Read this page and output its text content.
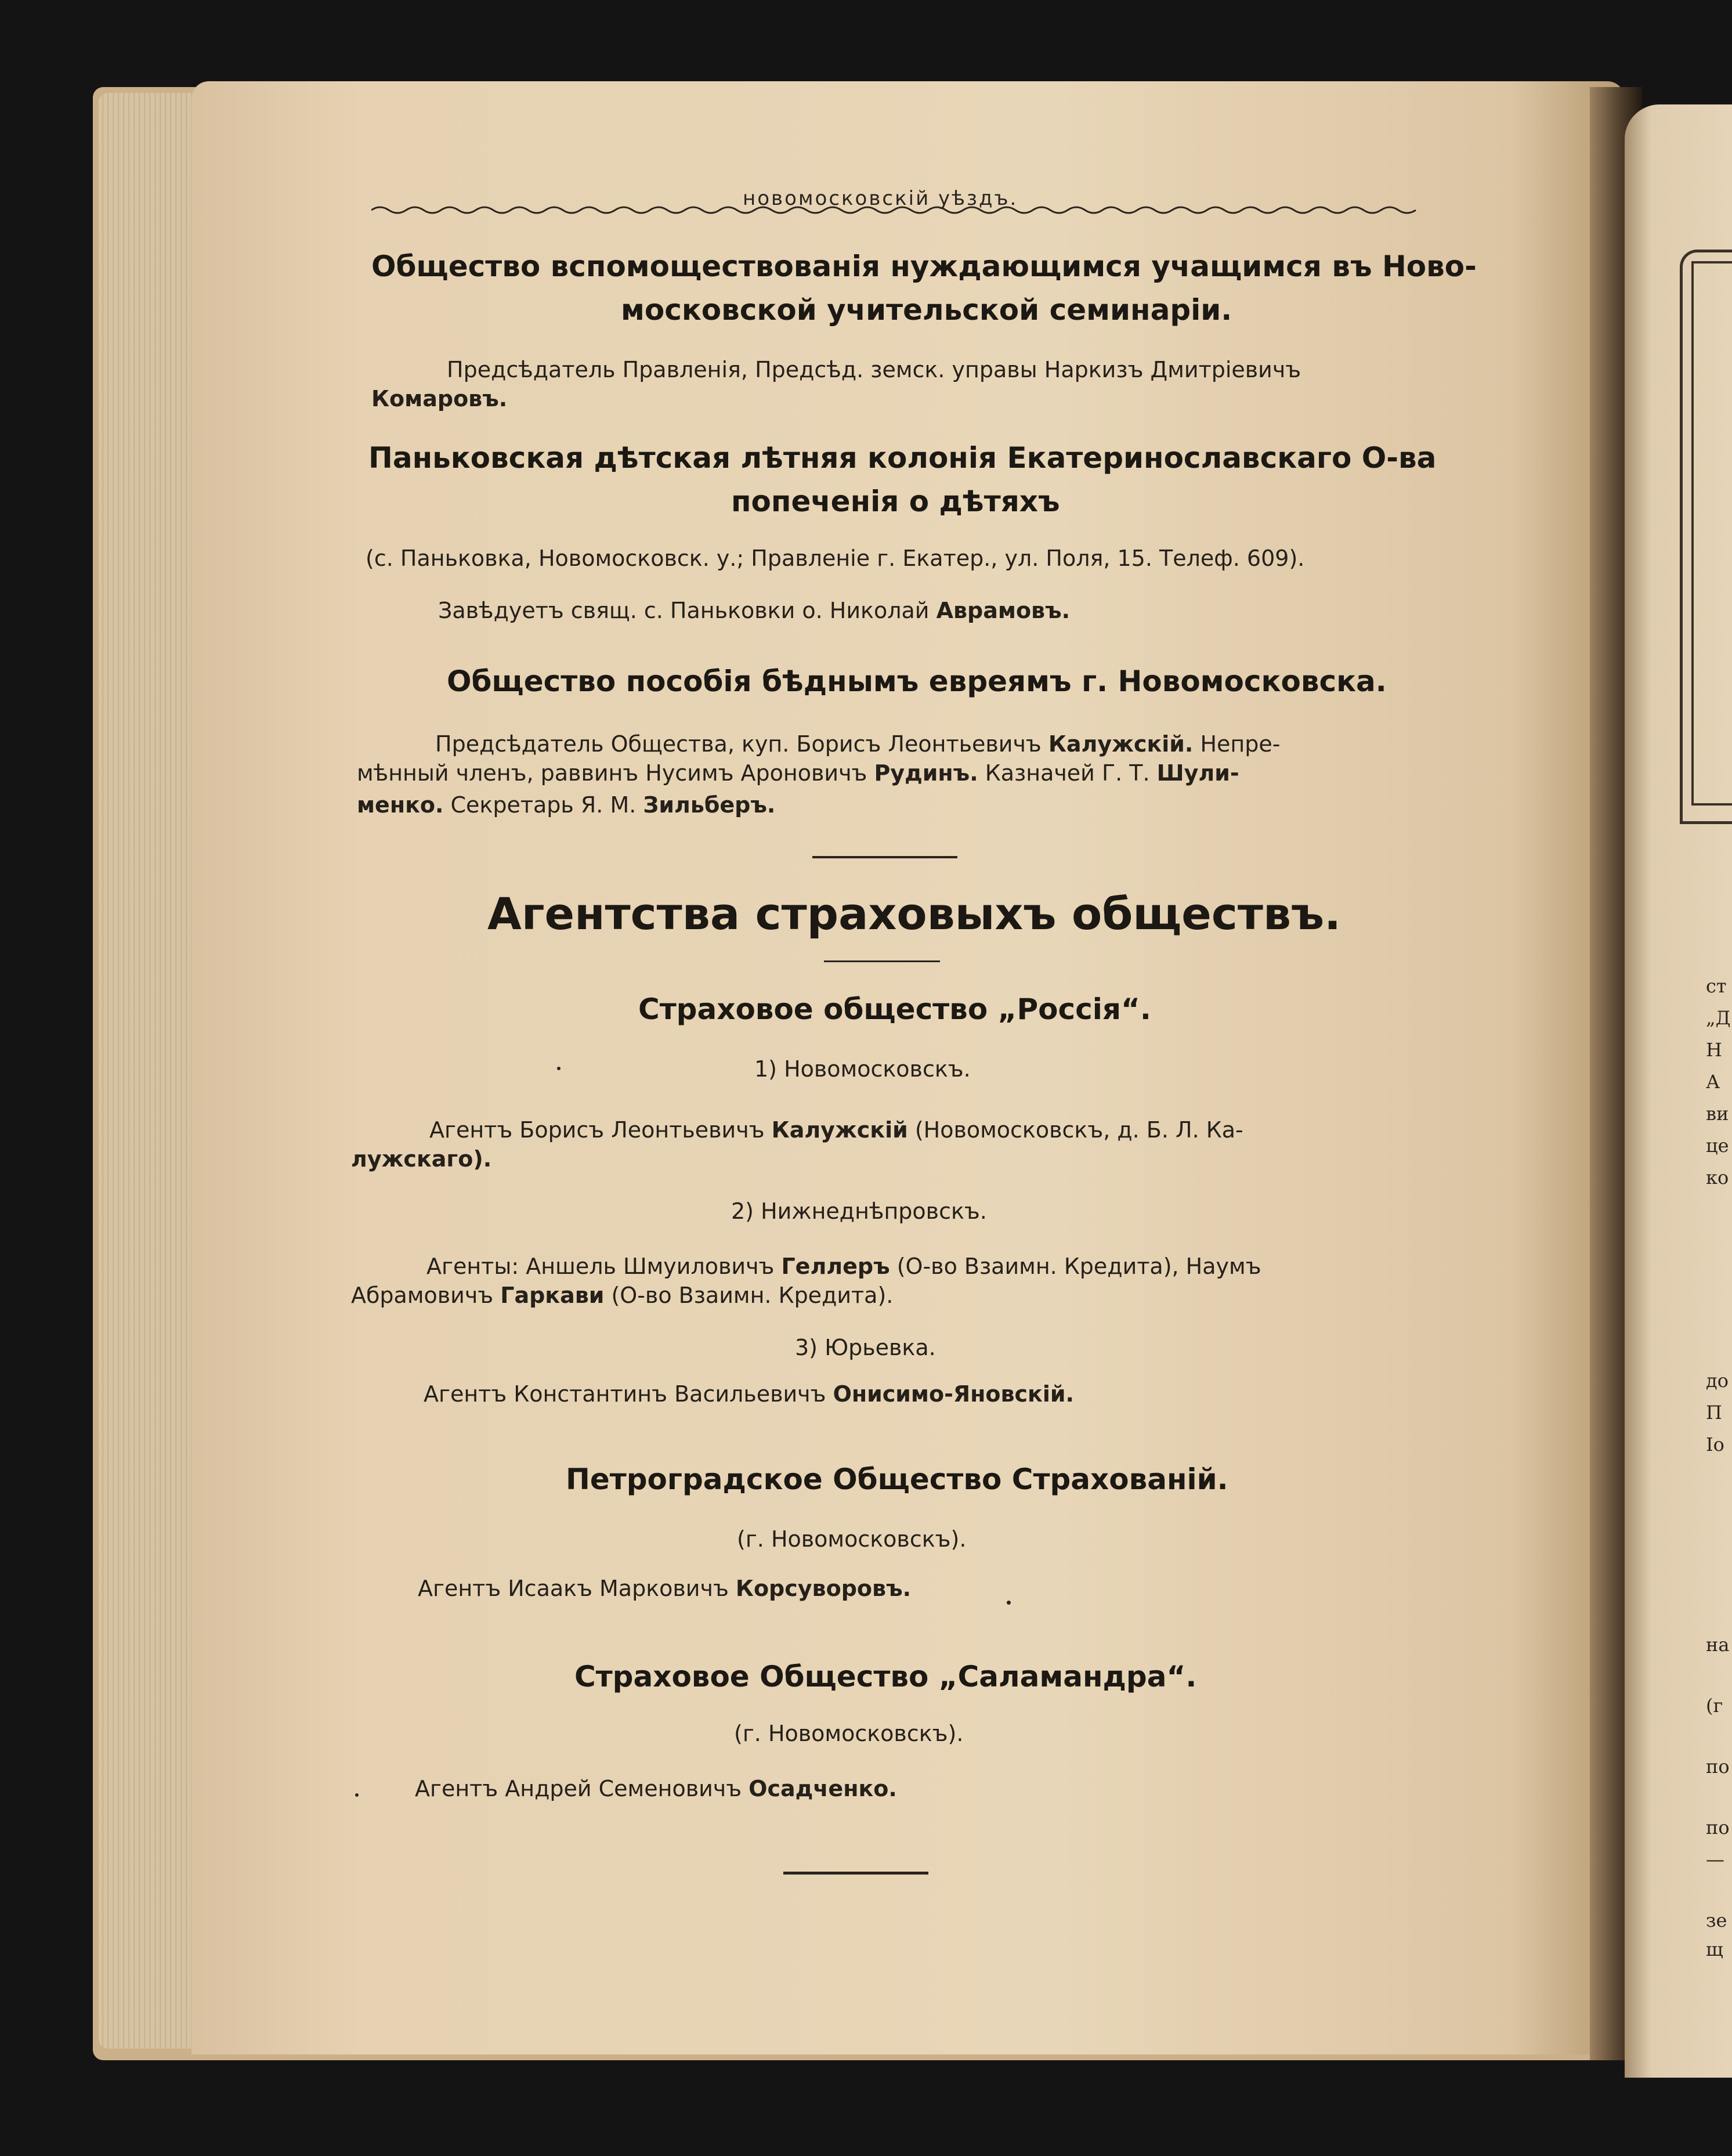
ст
„Д
Н
А
ви
це
ко
до
П
Іо
на
(г
по
по
—
зе
щ
новомосковскій уѣздъ.
Общество вспомоществованія нуждающимся учащимся въ Ново-
московской учительской семинаріи.
Предсѣдатель Правленія, Предсѣд. земск. управы Наркизъ Дмитріевичъ
Комаровъ.
Паньковская дѣтская лѣтняя колонія Екатеринославскаго О-ва
попеченія о дѣтяхъ
(с. Паньковка, Новомосковск. у.; Правленіе г. Екатер., ул. Поля, 15. Телеф. 609).
Завѣдуетъ свящ. с. Паньковки о. Николай Аврамовъ.
Общество пособія бѣднымъ евреямъ г. Новомосковска.
Предсѣдатель Общества, куп. Борисъ Леонтьевичъ Калужскій. Непре-
мѣнный членъ, раввинъ Нусимъ Ароновичъ Рудинъ. Казначей Г. Т. Шули-
менко. Секретарь Я. М. Зильберъ.
Агентства страховыхъ обществъ.
Страховое общество „Россія“.
1) Новомосковскъ.
Агентъ Борисъ Леонтьевичъ Калужскій (Новомосковскъ, д. Б. Л. Ка-
лужскаго).
2) Нижнеднѣпровскъ.
Агенты: Аншель Шмуиловичъ Геллеръ (О-во Взаимн. Кредита), Наумъ
Абрамовичъ Гаркави (О-во Взаимн. Кредита).
3) Юрьевка.
Агентъ Константинъ Васильевичъ Онисимо-Яновскій.
Петроградское Общество Страхованій.
(г. Новомосковскъ).
Агентъ Исаакъ Марковичъ Корсуворовъ.
Страховое Общество „Саламандра“.
(г. Новомосковскъ).
Агентъ Андрей Семеновичъ Осадченко.
